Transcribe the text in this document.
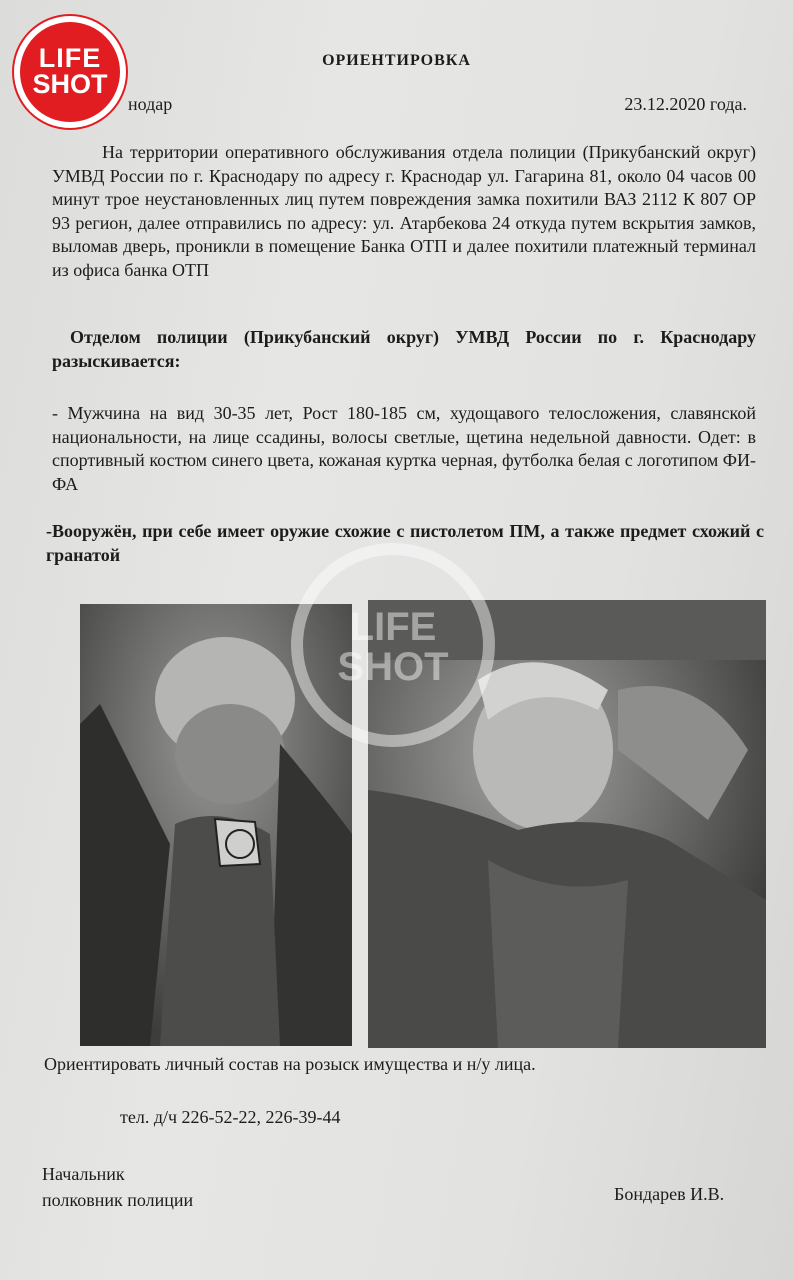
LIFE
SHOT
ОРИЕНТИРОВКА
нодар	23.12.2020 года.

На территории оперативного обслуживания отдела полиции (Прикубанский округ) УМВД России по г. Краснодару по адресу г. Краснодар ул. Гагарина 81, около 04 часов 00 минут трое неустановленных лиц путем повреждения замка похитили ВАЗ 2112 К 807 ОР 93 регион, далее отправились по адресу: ул. Атарбекова 24 откуда путем вскрытия замков, выломав дверь, проникли в помещение Банка ОТП и далее похитили платежный терминал из офиса банка ОТП

Отделом полиции (Прикубанский округ) УМВД России по г. Краснодару разыскивается:

- Мужчина на вид 30-35 лет, Рост 180-185 см, худощавого телосложения, славянской национальности, на лице ссадины, волосы светлые, щетина недельной давности. Одет: в спортивный костюм синего цвета, кожаная куртка черная, футболка белая с логотипом ФИ-ФА

-Вооружён, при себе имеет оружие схожие с пистолетом ПМ, а также предмет схожий с гранатой

LIFE
SHOT
Ориентировать личный состав на розыск имущества и н/у лица.
тел. д/ч 226-52-22, 226-39-44
Начальник
полковник полиции	Бондарев И.В.
